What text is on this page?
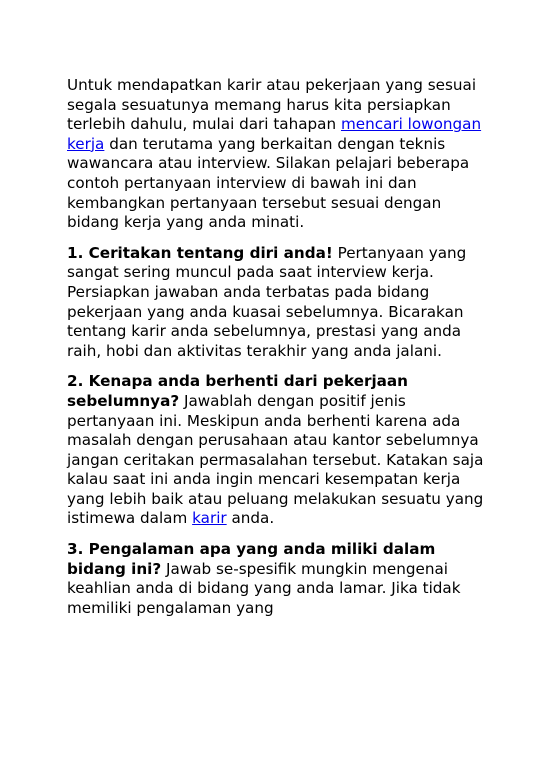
Untuk mendapatkan karir atau pekerjaan yang sesuai segala sesuatunya memang harus kita persiapkan terlebih dahulu, mulai dari tahapan mencari lowongan kerja dan terutama yang berkaitan dengan teknis wawancara atau interview. Silakan pelajari beberapa contoh pertanyaan interview di bawah ini dan kembangkan pertanyaan tersebut sesuai dengan bidang kerja yang anda minati.

1. Ceritakan tentang diri anda! Pertanyaan yang sangat sering muncul pada saat interview kerja. Persiapkan jawaban anda terbatas pada bidang pekerjaan yang anda kuasai sebelumnya. Bicarakan tentang karir anda sebelumnya, prestasi yang anda raih, hobi dan aktivitas terakhir yang anda jalani.

2. Kenapa anda berhenti dari pekerjaan sebelumnya? Jawablah dengan positif jenis pertanyaan ini. Meskipun anda berhenti karena ada masalah dengan perusahaan atau kantor sebelumnya jangan ceritakan permasalahan tersebut. Katakan saja kalau saat ini anda ingin mencari kesempatan kerja yang lebih baik atau peluang melakukan sesuatu yang istimewa dalam karir anda.

3. Pengalaman apa yang anda miliki dalam bidang ini? Jawab se-spesifik mungkin mengenai keahlian anda di bidang yang anda lamar. Jika tidak memiliki pengalaman yang
